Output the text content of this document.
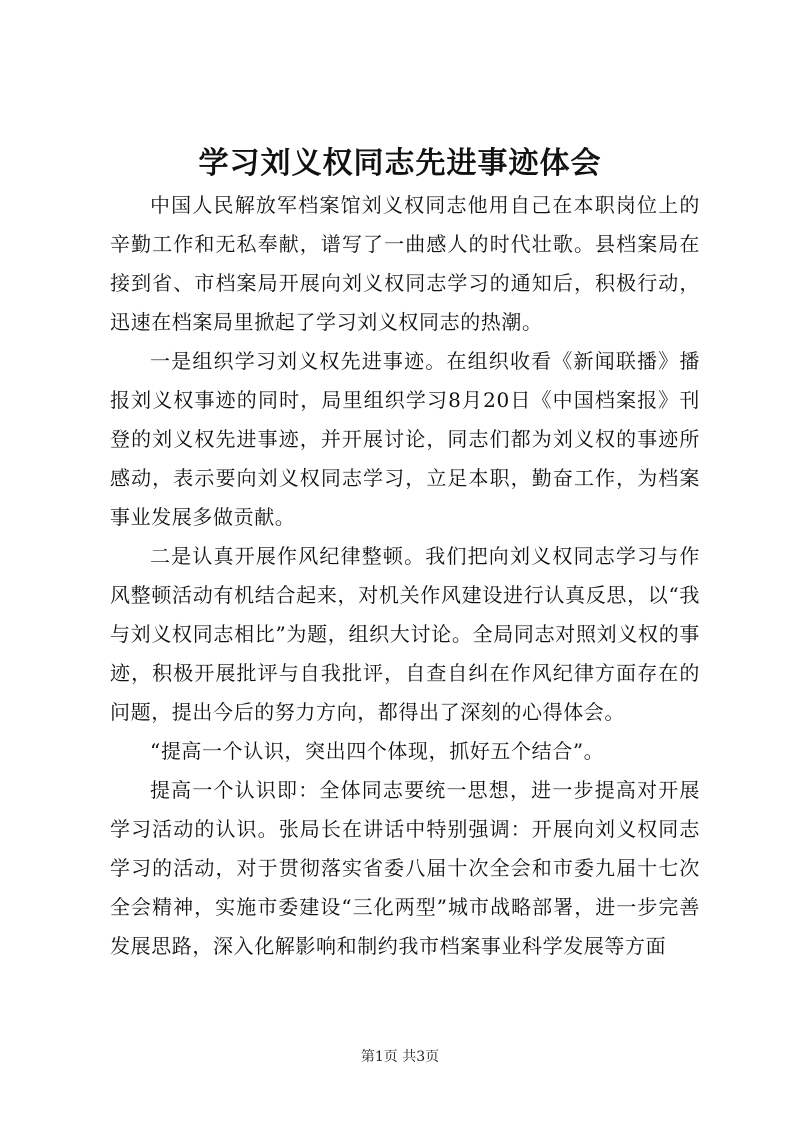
学习刘义权同志先进事迹体会

中国人民解放军档案馆刘义权同志他用自己在本职岗位上的辛勤工作和无私奉献，谱写了一曲感人的时代壮歌。县档案局在接到省、市档案局开展向刘义权同志学习的通知后，积极行动，迅速在档案局里掀起了学习刘义权同志的热潮。

一是组织学习刘义权先进事迹。在组织收看《新闻联播》播报刘义权事迹的同时，局里组织学习8月20日《中国档案报》刊登的刘义权先进事迹，并开展讨论，同志们都为刘义权的事迹所感动，表示要向刘义权同志学习，立足本职，勤奋工作，为档案事业发展多做贡献。

二是认真开展作风纪律整顿。我们把向刘义权同志学习与作风整顿活动有机结合起来，对机关作风建设进行认真反思，以“我与刘义权同志相比”为题，组织大讨论。全局同志对照刘义权的事迹，积极开展批评与自我批评，自查自纠在作风纪律方面存在的问题，提出今后的努力方向，都得出了深刻的心得体会。

“提高一个认识，突出四个体现，抓好五个结合”。

提高一个认识即：全体同志要统一思想，进一步提高对开展学习活动的认识。张局长在讲话中特别强调：开展向刘义权同志学习的活动，对于贯彻落实省委八届十次全会和市委九届十七次全会精神，实施市委建设“三化两型”城市战略部署，进一步完善发展思路，深入化解影响和制约我市档案事业科学发展等方面

第1页 共3页
